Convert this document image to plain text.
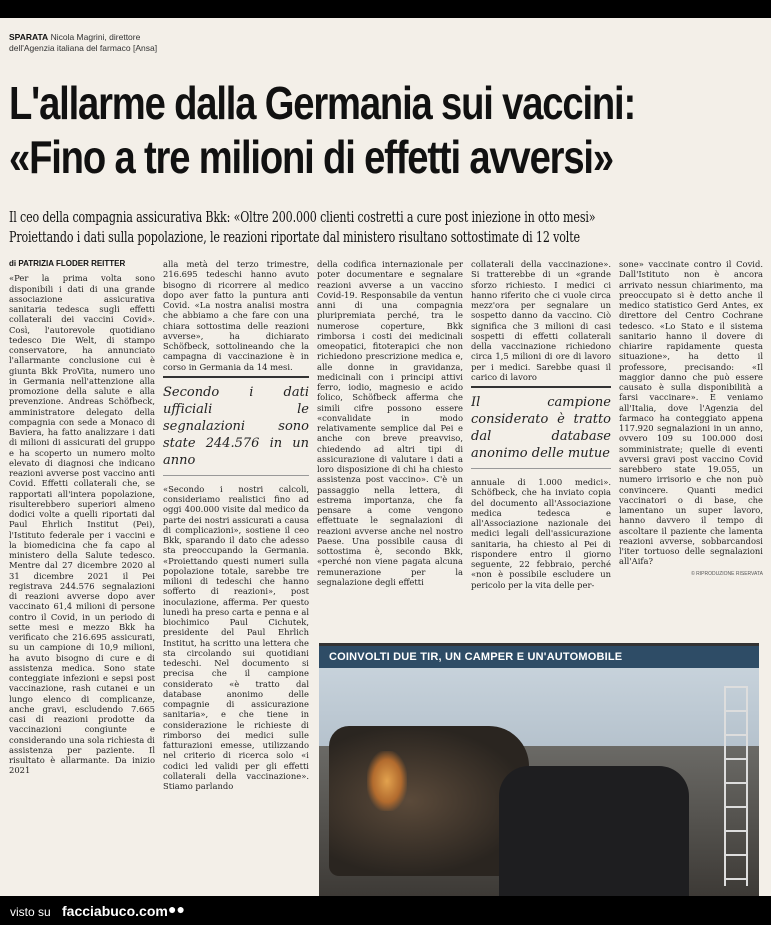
SPARATA Nicola Magrini, direttore
dell'Agenzia italiana del farmaco [Ansa]
L'allarme dalla Germania sui vaccini:
«Fino a tre milioni di effetti avversi»
Il ceo della compagnia assicurativa Bkk: «Oltre 200.000 clienti costretti a cure post iniezione in otto mesi»
Proiettando i dati sulla popolazione, le reazioni riportate dal ministero risultano sottostimate di 12 volte
di PATRIZIA FLODER REITTER

«Per la prima volta sono disponibili i dati di una grande associazione assicurativa sanitaria tedesca sugli effetti collaterali dei vaccini Covid». Così, l'autorevole quotidiano tedesco Die Welt, di stampo conservatore, ha annunciato l'allarmante conclusione cui è giunta Bkk ProVita, numero uno in Germania nell'attenzione alla promozione della salute e alla prevenzione. Andreas Schöfbeck, amministratore delegato della compagnia con sede a Monaco di Baviera, ha fatto analizzare i dati di milioni di assicurati del gruppo e ha scoperto un numero molto elevato di diagnosi che indicano reazioni avverse post vaccino anti Covid. Effetti collaterali che, se rapportati all'intera popolazione, risulterebbero superiori almeno dodici volte a quelli riportati dal Paul Ehrlich Institut (Pei), l'Istituto federale per i vaccini e la biomedicina che fa capo al ministero della Salute tedesco. Mentre dal 27 dicembre 2020 al 31 dicembre 2021 il Pei registrava 244.576 segnalazioni di reazioni avverse dopo aver vaccinato 61,4 milioni di persone contro il Covid, in un periodo di sette mesi e mezzo Bkk ha verificato che 216.695 assicurati, su un campione di 10,9 milioni, ha avuto bisogno di cure e di assistenza medica. Sono state conteggiate infezioni e sepsi post vaccinazione, rash cutanei e un lungo elenco di complicanze, anche gravi, escludendo 7.665 casi di reazioni prodotte da vaccinazioni congiunte e considerando una sola richiesta di assistenza per paziente. Il risultato è allarmante. Da inizio 2021

alla metà del terzo trimestre, 216.695 tedeschi hanno avuto bisogno di ricorrere al medico dopo aver fatto la puntura anti Covid. «La nostra analisi mostra che abbiamo a che fare con una chiara sottostima delle reazioni avverse», ha dichiarato Schöfbeck, sottolineando che la campagna di vaccinazione è in corso in Germania da 14 mesi.

Secondo i dati ufficiali le segnalazioni sono state 244.576 in un anno

«Secondo i nostri calcoli, consideriamo realistici fino ad oggi 400.000 visite dal medico da parte dei nostri assicurati a causa di complicazioni», sostiene il ceo Bkk, sparando il dato che adesso sta preoccupando la Germania. «Proiettando questi numeri sulla popolazione totale, sarebbe tre milioni di tedeschi che hanno sofferto di reazioni», post inoculazione, afferma. Per questo lunedì ha preso carta e penna e al biochimico Paul Cichutek, presidente del Paul Ehrlich Institut, ha scritto una lettera che sta circolando sui quotidiani tedeschi. Nel documento si precisa che il campione considerato «è tratto dal database anonimo delle compagnie di assicurazione sanitaria», e che tiene in considerazione le richieste di rimborso dei medici sulle fatturazioni emesse, utilizzando nel criterio di ricerca solo «i codici led validi per gli effetti collaterali della vaccinazione». Stiamo parlando

della codifica internazionale per poter documentare e segnalare reazioni avverse a un vaccino Covid-19. Responsabile da ventun anni di una compagnia pluripremiata perché, tra le numerose coperture, Bkk rimborsa i costi dei medicinali omeopatici, fitoterapici che non richiedono prescrizione medica e, alle donne in gravidanza, medicinali con i principi attivi ferro, iodio, magnesio e acido folico, Schöfbeck afferma che simili cifre possono essere «convalidate in modo relativamente semplice dal Pei e anche con breve preavviso, chiedendo ad altri tipi di assicurazione di valutare i dati a loro disposizione di chi ha chiesto assistenza post vaccino». C'è un passaggio nella lettera, di estrema importanza, che fa pensare a come vengono effettuate le segnalazioni di reazioni avverse anche nel nostro Paese. Una possibile causa di sottostima è, secondo Bkk, «perché non viene pagata alcuna remunerazione per la segnalazione degli effetti

collaterali della vaccinazione». Si tratterebbe di un «grande sforzo richiesto. I medici ci hanno riferito che ci vuole circa mezz'ora per segnalare un sospetto danno da vaccino. Ciò significa che 3 milioni di casi sospetti di effetti collaterali della vaccinazione richiedono circa 1,5 milioni di ore di lavoro per i medici. Sarebbe quasi il carico di lavoro

Il campione considerato è tratto dal database anonimo delle mutue

annuale di 1.000 medici». Schöfbeck, che ha inviato copia del documento all'Associazione medica tedesca e all'Associazione nazionale dei medici legali dell'assicurazione sanitaria, ha chiesto al Pei di rispondere entro il giorno seguente, 22 febbraio, perché «non è possibile escludere un pericolo per la vita delle per-

sone» vaccinate contro il Covid. Dall'Istituto non è ancora arrivato nessun chiarimento, ma preoccupato si è detto anche il medico statistico Gerd Antes, ex direttore del Centro Cochrane tedesco. «Lo Stato e il sistema sanitario hanno il dovere di chiarire rapidamente questa situazione», ha detto il professore, precisando: «Il maggior danno che può essere causato è sulla disponibilità a farsi vaccinare». E veniamo all'Italia, dove l'Agenzia del farmaco ha conteggiato appena 117.920 segnalazioni in un anno, ovvero 109 su 100.000 dosi somministrate; quelle di eventi avversi gravi post vaccino Covid sarebbero state 19.055, un numero irrisorio e che non può convincere. Quanti medici vaccinatori o di base, che lamentano un super lavoro, hanno davvero il tempo di ascoltare il paziente che lamenta reazioni avverse, sobbarcandosi l'iter tortuoso delle segnalazioni all'Aifa?

© RIPRODUZIONE RISERVATA
COINVOLTI DUE TIR, UN CAMPER E UN'AUTOMOBILE
visto su facciabuco.com ●●
